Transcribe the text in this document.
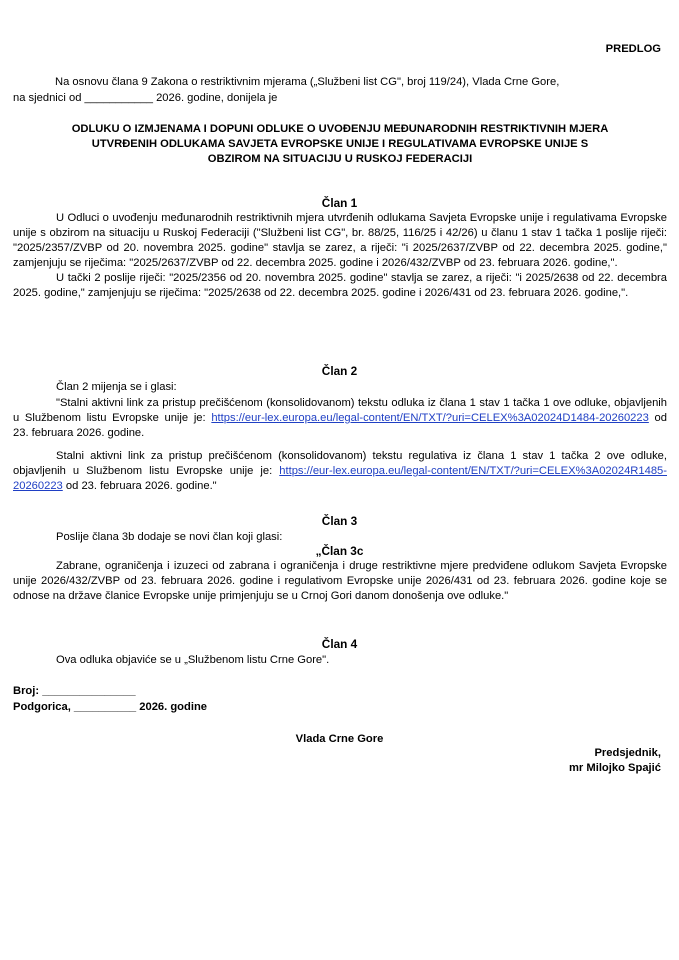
PREDLOG
Na osnovu člana 9 Zakona o restriktivnim mjerama („Službeni list CG", broj 119/24), Vlada Crne Gore,
na sjednici od ___________ 2026. godine, donijela je
ODLUKU O IZMJENAMA I DOPUNI ODLUKE O UVOĐENJU MEĐUNARODNIH RESTRIKTIVNIH MJERA
UTVRĐENIH ODLUKAMA SAVJETA EVROPSKE UNIJE I REGULATIVAMA EVROPSKE UNIJE S
OBZIROM NA SITUACIJU U RUSKOJ FEDERACIJI
Član 1

U Odluci o uvođenju međunarodnih restriktivnih mjera utvrđenih odlukama Savjeta Evropske unije i regulativama Evropske unije s obzirom na situaciju u Ruskoj Federaciji ("Službeni list CG", br. 88/25, 116/25 i 42/26) u članu 1 stav 1 tačka 1 poslije riječi: "2025/2357/ZVBP od 20. novembra 2025. godine" stavlja se zarez, a riječi: "i 2025/2637/ZVBP od 22. decembra 2025. godine," zamjenjuju se riječima: "2025/2637/ZVBP od 22. decembra 2025. godine i 2026/432/ZVBP od 23. februara 2026. godine,".

U tački 2 poslije riječi: "2025/2356 od 20. novembra 2025. godine" stavlja se zarez, a riječi: "i 2025/2638 od 22. decembra 2025. godine," zamjenjuju se riječima: "2025/2638 od 22. decembra 2025. godine i 2026/431 od 23. februara 2026. godine,".

Član 2
Član 2 mijenja se i glasi:

"Stalni aktivni link za pristup prečišćenom (konsolidovanom) tekstu odluka iz člana 1 stav 1 tačka 1 ove odluke, objavljenih u Službenom listu Evropske unije je: https://eur-lex.europa.eu/legal-content/EN/TXT/?uri=CELEX%3A02024D1484-20260223 od 23. februara 2026. godine.

Stalni aktivni link za pristup prečišćenom (konsolidovanom) tekstu regulativa iz člana 1 stav 1 tačka 2 ove odluke, objavljenih u Službenom listu Evropske unije je: https://eur-lex.europa.eu/legal-content/EN/TXT/?uri=CELEX%3A02024R1485-20260223 od 23. februara 2026. godine."

Član 3
Poslije člana 3b dodaje se novi član koji glasi:
„Član 3c

Zabrane, ograničenja i izuzeci od zabrana i ograničenja i druge restriktivne mjere predviđene odlukom Savjeta Evropske unije 2026/432/ZVBP od 23. februara 2026. godine i regulativom Evropske unije 2026/431 od 23. februara 2026. godine koje se odnose na države članice Evropske unije primjenjuju se u Crnoj Gori danom donošenja ove odluke."

Član 4
Ova odluka objaviće se u „Službenom listu Crne Gore".
Broj: _______________
Podgorica, __________ 2026. godine
Vlada Crne Gore
Predsjednik,
mr Milojko Spajić
